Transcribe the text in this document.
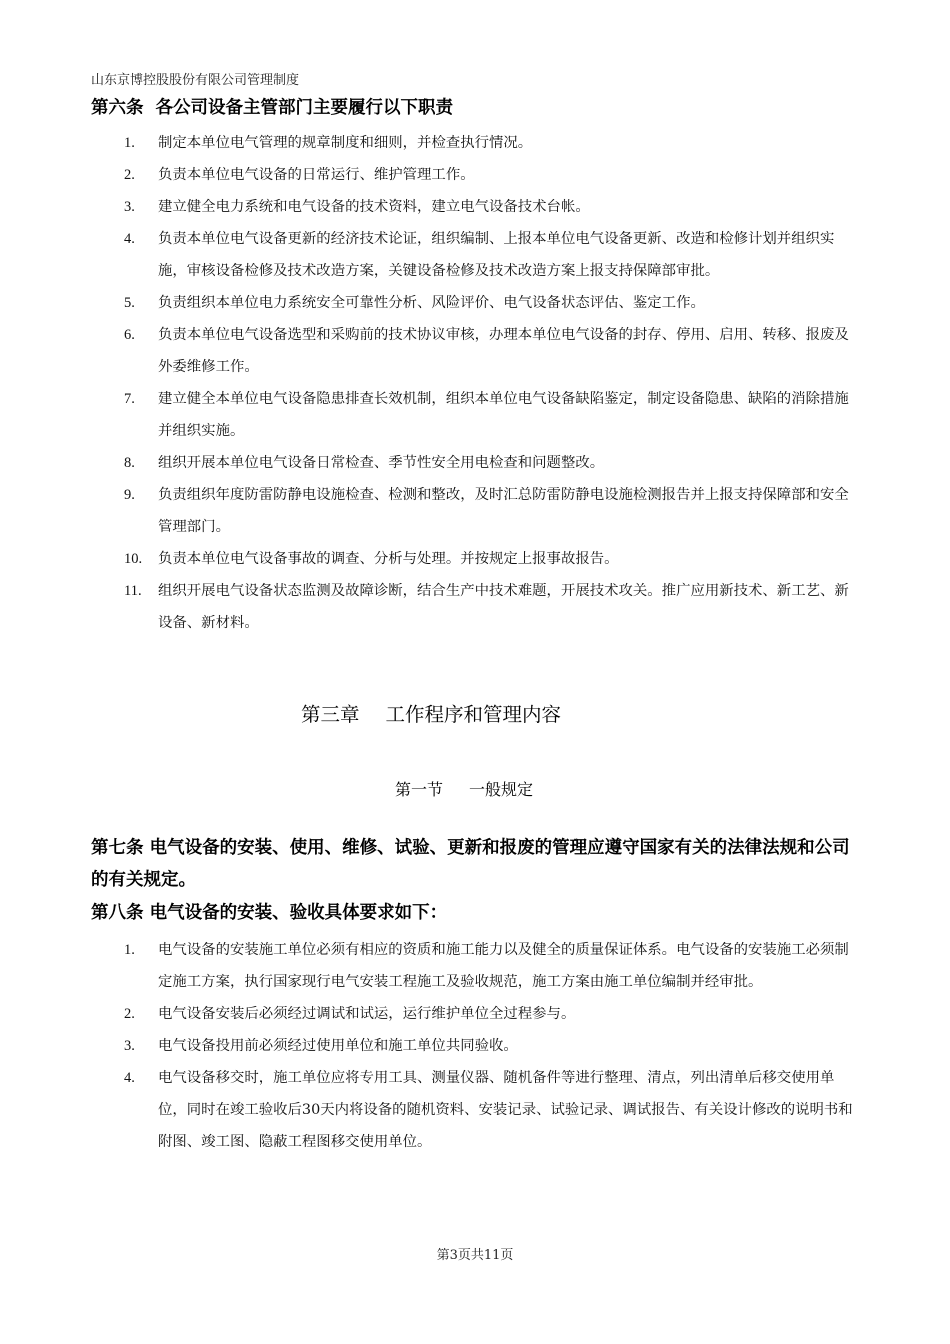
山东京博控股股份有限公司管理制度
第六条 各公司设备主管部门主要履行以下职责
1. 制定本单位电气管理的规章制度和细则，并检查执行情况。
2. 负责本单位电气设备的日常运行、维护管理工作。
3. 建立健全电力系统和电气设备的技术资料，建立电气设备技术台帐。
4. 负责本单位电气设备更新的经济技术论证，组织编制、上报本单位电气设备更新、改造和检修计划并组织实施，审核设备检修及技术改造方案，关键设备检修及技术改造方案上报支持保障部审批。
5. 负责组织本单位电力系统安全可靠性分析、风险评价、电气设备状态评估、鉴定工作。
6. 负责本单位电气设备选型和采购前的技术协议审核，办理本单位电气设备的封存、停用、启用、转移、报废及外委维修工作。
7. 建立健全本单位电气设备隐患排查长效机制，组织本单位电气设备缺陷鉴定，制定设备隐患、缺陷的消除措施并组织实施。
8. 组织开展本单位电气设备日常检查、季节性安全用电检查和问题整改。
9. 负责组织年度防雷防静电设施检查、检测和整改，及时汇总防雷防静电设施检测报告并上报支持保障部和安全管理部门。
10. 负责本单位电气设备事故的调查、分析与处理。并按规定上报事故报告。
11. 组织开展电气设备状态监测及故障诊断，结合生产中技术难题，开展技术攻关。推广应用新技术、新工艺、新设备、新材料。
第三章 工作程序和管理内容
第一节 一般规定
第七条 电气设备的安装、使用、维修、试验、更新和报废的管理应遵守国家有关的法律法规和公司的有关规定。
第八条 电气设备的安装、验收具体要求如下：
1. 电气设备的安装施工单位必须有相应的资质和施工能力以及健全的质量保证体系。电气设备的安装施工必须制定施工方案，执行国家现行电气安装工程施工及验收规范，施工方案由施工单位编制并经审批。
2. 电气设备安装后必须经过调试和试运，运行维护单位全过程参与。
3. 电气设备投用前必须经过使用单位和施工单位共同验收。
4. 电气设备移交时，施工单位应将专用工具、测量仪器、随机备件等进行整理、清点，列出清单后移交使用单位，同时在竣工验收后30天内将设备的随机资料、安装记录、试验记录、调试报告、有关设计修改的说明书和附图、竣工图、隐蔽工程图移交使用单位。
第3页共11页
